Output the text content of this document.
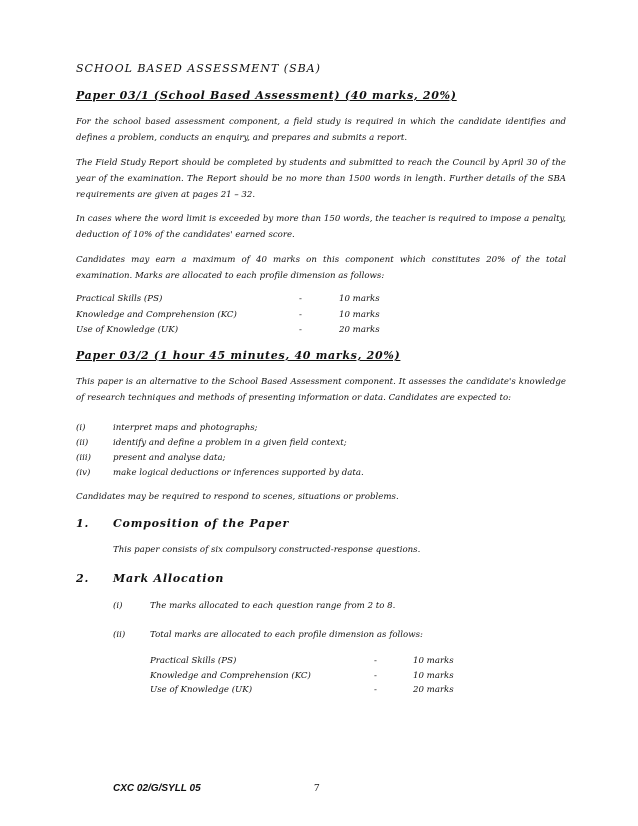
SCHOOL BASED ASSESSMENT (SBA)
Paper 03/1 (School Based Assessment) (40 marks, 20%)
For the school based assessment component, a field study is required in which the candidate identifies and defines a problem, conducts an enquiry, and prepares and submits a report.
The Field Study Report should be completed by students and submitted to reach the Council by April 30 of the year of the examination. The Report should be no more than 1500 words in length. Further details of the SBA requirements are given at pages 21 – 32.
In cases where the word limit is exceeded by more than 150 words, the teacher is required to impose a penalty, deduction of 10% of the candidates' earned score.
Candidates may earn a maximum of 40 marks on this component which constitutes 20% of the total examination. Marks are allocated to each profile dimension as follows:
Practical Skills (PS)	-	10 marks
Knowledge and Comprehension (KC)	-	10 marks
Use of Knowledge (UK)	-	20 marks
Paper 03/2 (1 hour 45 minutes, 40 marks, 20%)
This paper is an alternative to the School Based Assessment component. It assesses the candidate's knowledge of research techniques and methods of presenting information or data. Candidates are expected to:
(i)	interpret maps and photographs;
(ii)	identify and define a problem in a given field context;
(iii)	present and analyse data;
(iv)	make logical deductions or inferences supported by data.
Candidates may be required to respond to scenes, situations or problems.
1. Composition of the Paper
This paper consists of six compulsory constructed-response questions.
2. Mark Allocation
(i)	The marks allocated to each question range from 2 to 8.
(ii)	Total marks are allocated to each profile dimension as follows:
Practical Skills (PS)	-	10 marks
Knowledge and Comprehension (KC)	-	10 marks
Use of Knowledge (UK)	-	20 marks
CXC 02/G/SYLL 05	7
